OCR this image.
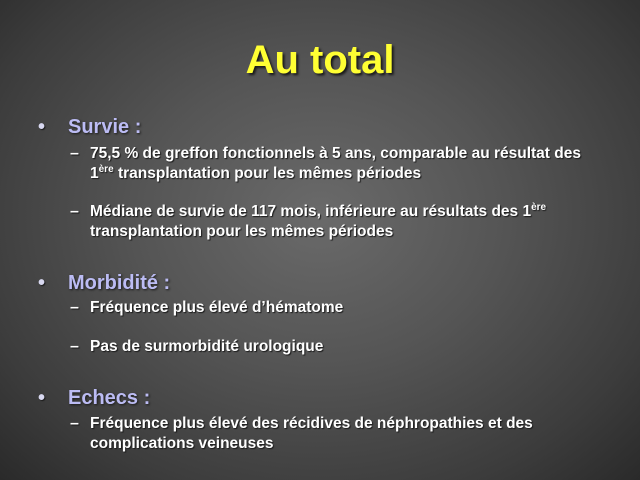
Au total
• Survie :
– 75,5 % de greffon fonctionnels à 5 ans, comparable au résultat des 1ère transplantation pour les mêmes périodes
– Médiane de survie de 117 mois, inférieure au résultats des 1ère transplantation pour les mêmes périodes
• Morbidité :
– Fréquence plus élevé d’hématome
– Pas de surmorbidité urologique
• Echecs :
– Fréquence plus élevé des récidives de néphropathies et des complications veineuses
